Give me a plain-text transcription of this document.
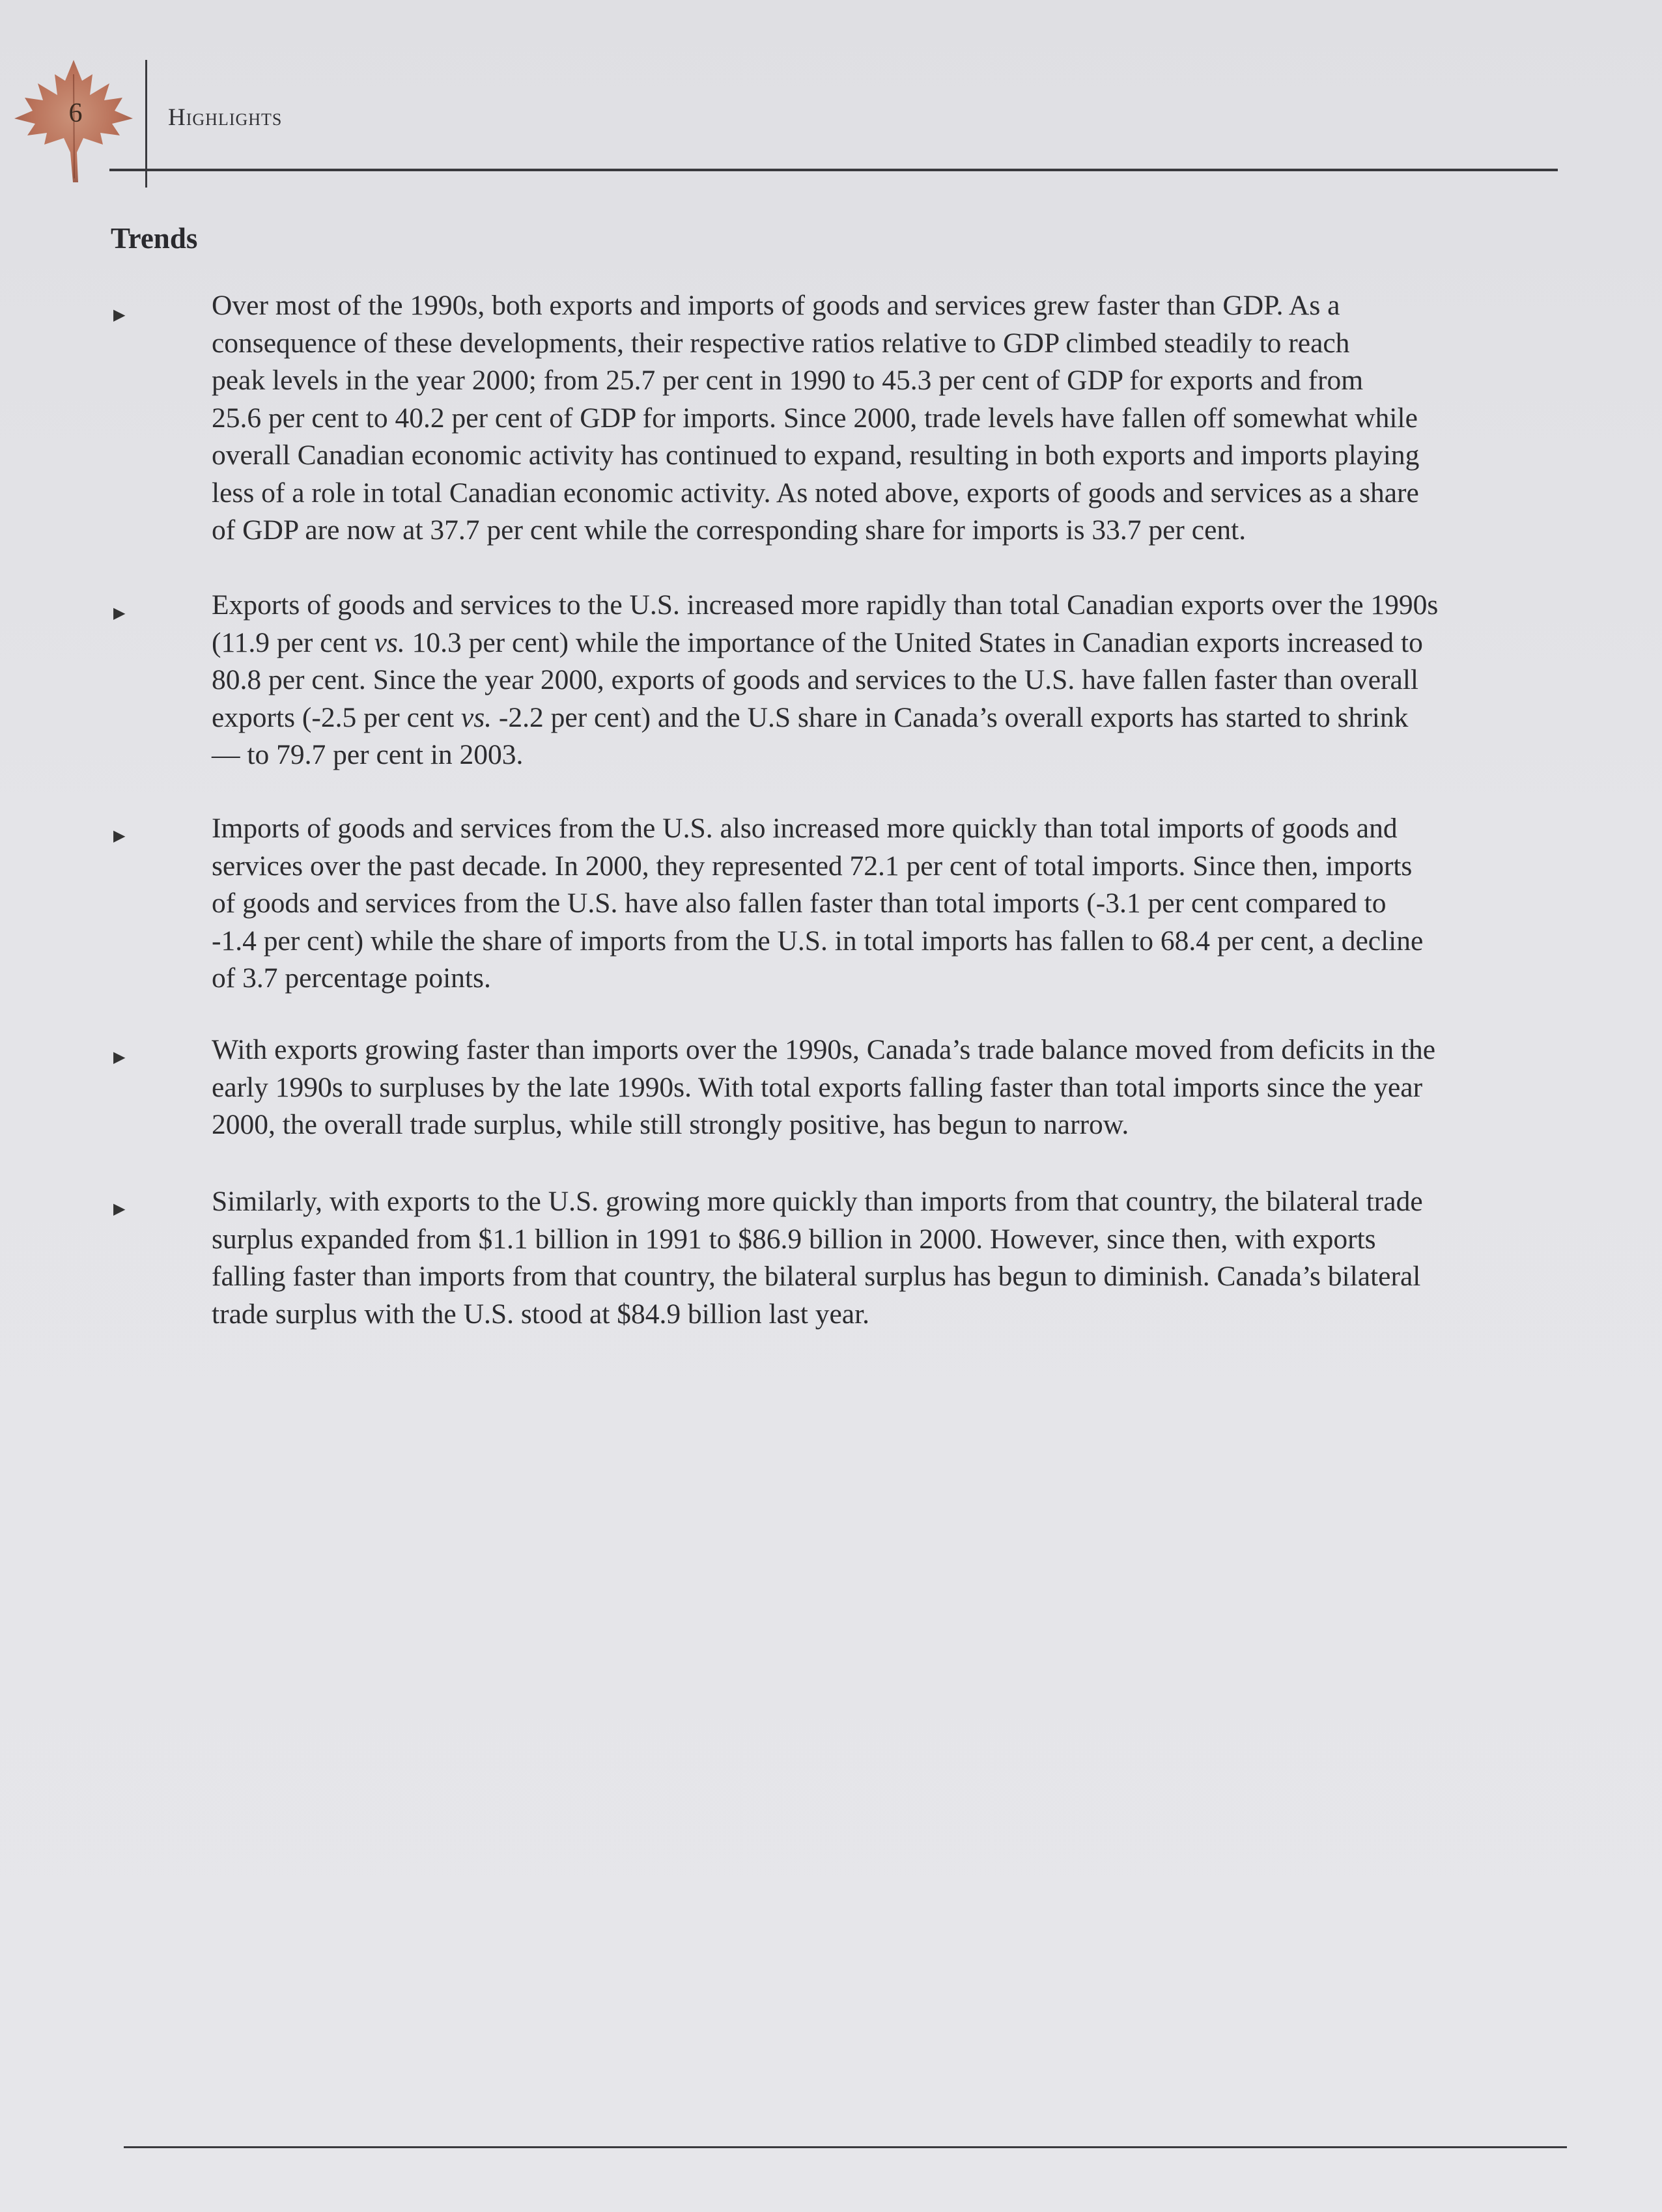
6	Highlights
Trends
▶	Over most of the 1990s, both exports and imports of goods and services grew faster than GDP. As a
consequence of these developments, their respective ratios relative to GDP climbed steadily to reach
peak levels in the year 2000; from 25.7 per cent in 1990 to 45.3 per cent of GDP for exports and from
25.6 per cent to 40.2 per cent of GDP for imports. Since 2000, trade levels have fallen off somewhat while
overall Canadian economic activity has continued to expand, resulting in both exports and imports playing
less of a role in total Canadian economic activity. As noted above, exports of goods and services as a share
of GDP are now at 37.7 per cent while the corresponding share for imports is 33.7 per cent.
▶	Exports of goods and services to the U.S. increased more rapidly than total Canadian exports over the 1990s
(11.9 per cent vs. 10.3 per cent) while the importance of the United States in Canadian exports increased to
80.8 per cent. Since the year 2000, exports of goods and services to the U.S. have fallen faster than overall
exports (-2.5 per cent vs. -2.2 per cent) and the U.S share in Canada’s overall exports has started to shrink
— to 79.7 per cent in 2003.
▶	Imports of goods and services from the U.S. also increased more quickly than total imports of goods and
services over the past decade. In 2000, they represented 72.1 per cent of total imports. Since then, imports
of goods and services from the U.S. have also fallen faster than total imports (-3.1 per cent compared to
-1.4 per cent) while the share of imports from the U.S. in total imports has fallen to 68.4 per cent, a decline
of 3.7 percentage points.
▶	With exports growing faster than imports over the 1990s, Canada’s trade balance moved from deficits in the
early 1990s to surpluses by the late 1990s. With total exports falling faster than total imports since the year
2000, the overall trade surplus, while still strongly positive, has begun to narrow.
▶	Similarly, with exports to the U.S. growing more quickly than imports from that country, the bilateral trade
surplus expanded from $1.1 billion in 1991 to $86.9 billion in 2000. However, since then, with exports
falling faster than imports from that country, the bilateral surplus has begun to diminish. Canada’s bilateral
trade surplus with the U.S. stood at $84.9 billion last year.
